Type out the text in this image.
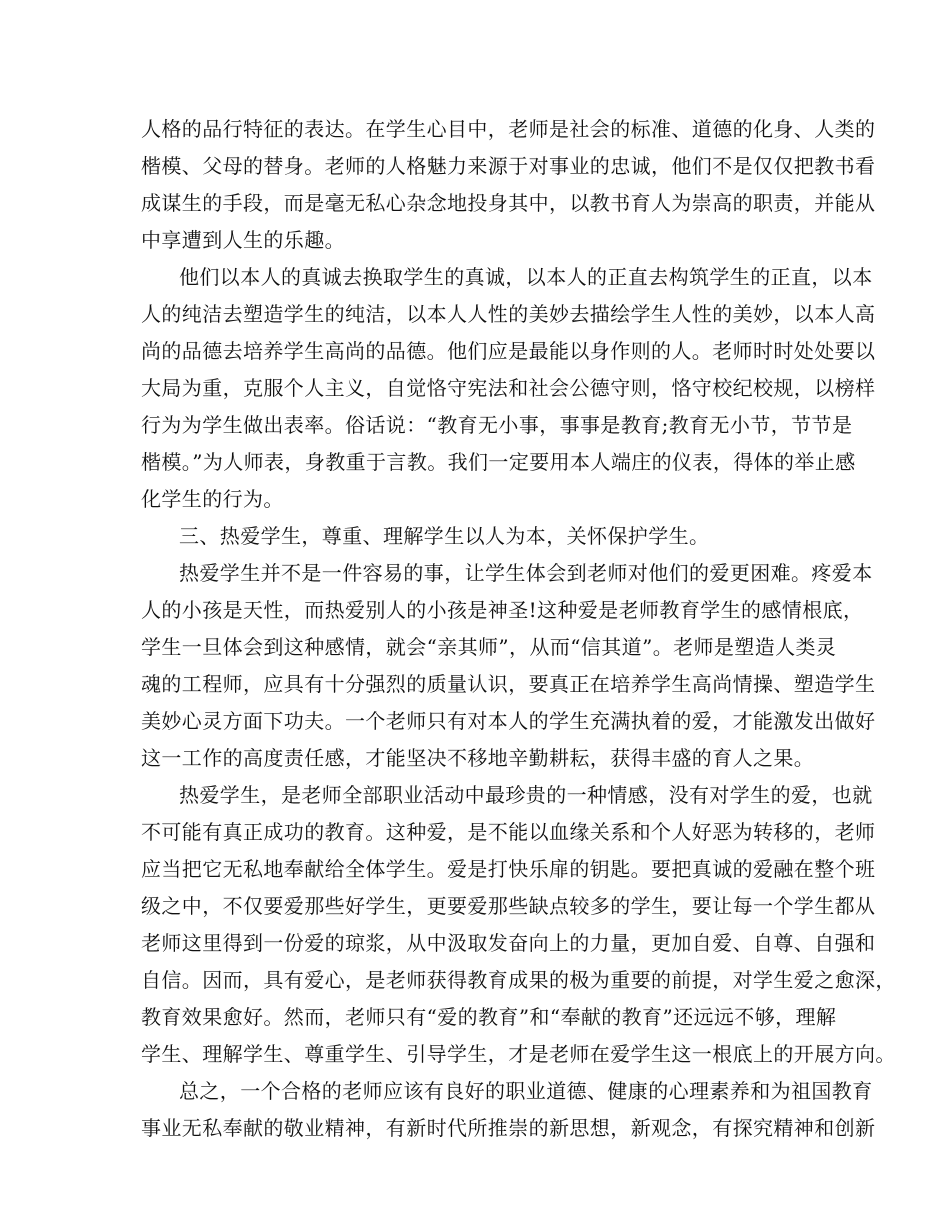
人格的品行特征的表达。在学生心目中，老师是社会的标准、道德的化身、人类的
楷模、父母的替身。老师的人格魅力来源于对事业的忠诚，他们不是仅仅把教书看
成谋生的手段，而是毫无私心杂念地投身其中，以教书育人为崇高的职责，并能从
中享遭到人生的乐趣。
他们以本人的真诚去换取学生的真诚，以本人的正直去构筑学生的正直，以本
人的纯洁去塑造学生的纯洁，以本人人性的美妙去描绘学生人性的美妙，以本人高
尚的品德去培养学生高尚的品德。他们应是最能以身作则的人。老师时时处处要以
大局为重，克服个人主义，自觉恪守宪法和社会公德守则，恪守校纪校规，以榜样
行为为学生做出表率。俗话说：“教育无小事，事事是教育;教育无小节，节节是
楷模。”为人师表，身教重于言教。我们一定要用本人端庄的仪表，得体的举止感
化学生的行为。
三、热爱学生，尊重、理解学生以人为本，关怀保护学生。
热爱学生并不是一件容易的事，让学生体会到老师对他们的爱更困难。疼爱本
人的小孩是天性，而热爱别人的小孩是神圣!这种爱是老师教育学生的感情根底，
学生一旦体会到这种感情，就会“亲其师”，从而“信其道”。老师是塑造人类灵
魂的工程师，应具有十分强烈的质量认识，要真正在培养学生高尚情操、塑造学生
美妙心灵方面下功夫。一个老师只有对本人的学生充满执着的爱，才能激发出做好
这一工作的高度责任感，才能坚决不移地辛勤耕耘，获得丰盛的育人之果。
热爱学生，是老师全部职业活动中最珍贵的一种情感，没有对学生的爱，也就
不可能有真正成功的教育。这种爱，是不能以血缘关系和个人好恶为转移的，老师
应当把它无私地奉献给全体学生。爱是打快乐扉的钥匙。要把真诚的爱融在整个班
级之中，不仅要爱那些好学生，更要爱那些缺点较多的学生，要让每一个学生都从
老师这里得到一份爱的琼浆，从中汲取发奋向上的力量，更加自爱、自尊、自强和
自信。因而，具有爱心，是老师获得教育成果的极为重要的前提，对学生爱之愈深，
教育效果愈好。然而，老师只有“爱的教育”和“奉献的教育”还远远不够，理解
学生、理解学生、尊重学生、引导学生，才是老师在爱学生这一根底上的开展方向。
总之，一个合格的老师应该有良好的职业道德、健康的心理素养和为祖国教育
事业无私奉献的敬业精神，有新时代所推崇的新思想，新观念，有探究精神和创新
